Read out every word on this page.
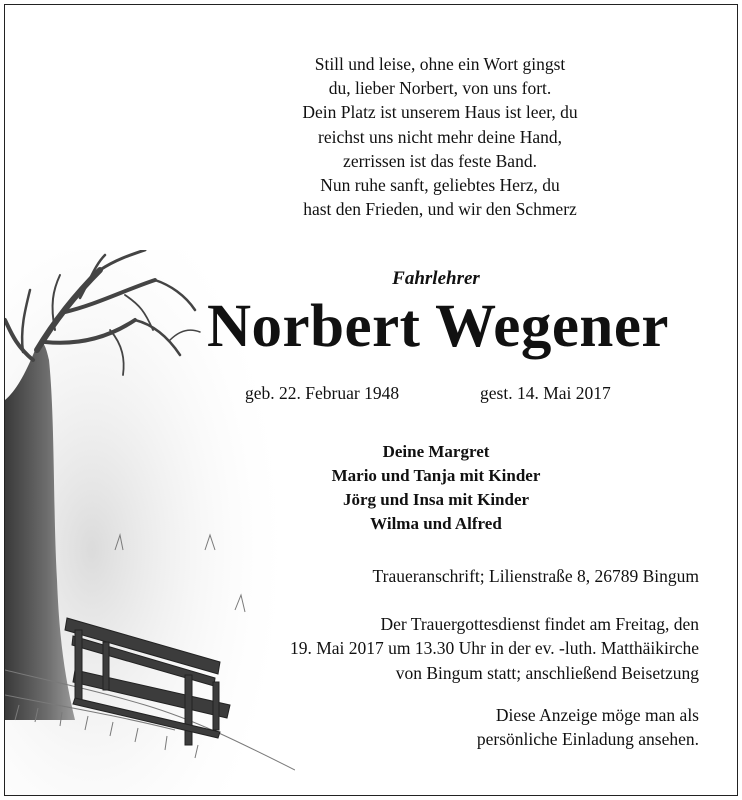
Still und leise, ohne ein Wort gingst
du, lieber Norbert, von uns fort.
Dein Platz ist unserem Haus ist leer, du
reichst uns nicht mehr deine Hand,
zerrissen ist das feste Band.
Nun ruhe sanft, geliebtes Herz, du
hast den Frieden, und wir den Schmerz
Fahrlehrer
Norbert Wegener
geb. 22. Februar 1948	gest. 14. Mai 2017
Deine Margret
Mario und Tanja mit Kinder
Jörg und Insa mit Kinder
Wilma und Alfred
Traueranschrift; Lilienstraße 8, 26789 Bingum
Der Trauergottesdienst findet am Freitag, den
19. Mai 2017 um 13.30 Uhr in der ev. -luth. Matthäikirche
von Bingum statt; anschließend Beisetzung
Diese Anzeige möge man als
persönliche Einladung ansehen.
